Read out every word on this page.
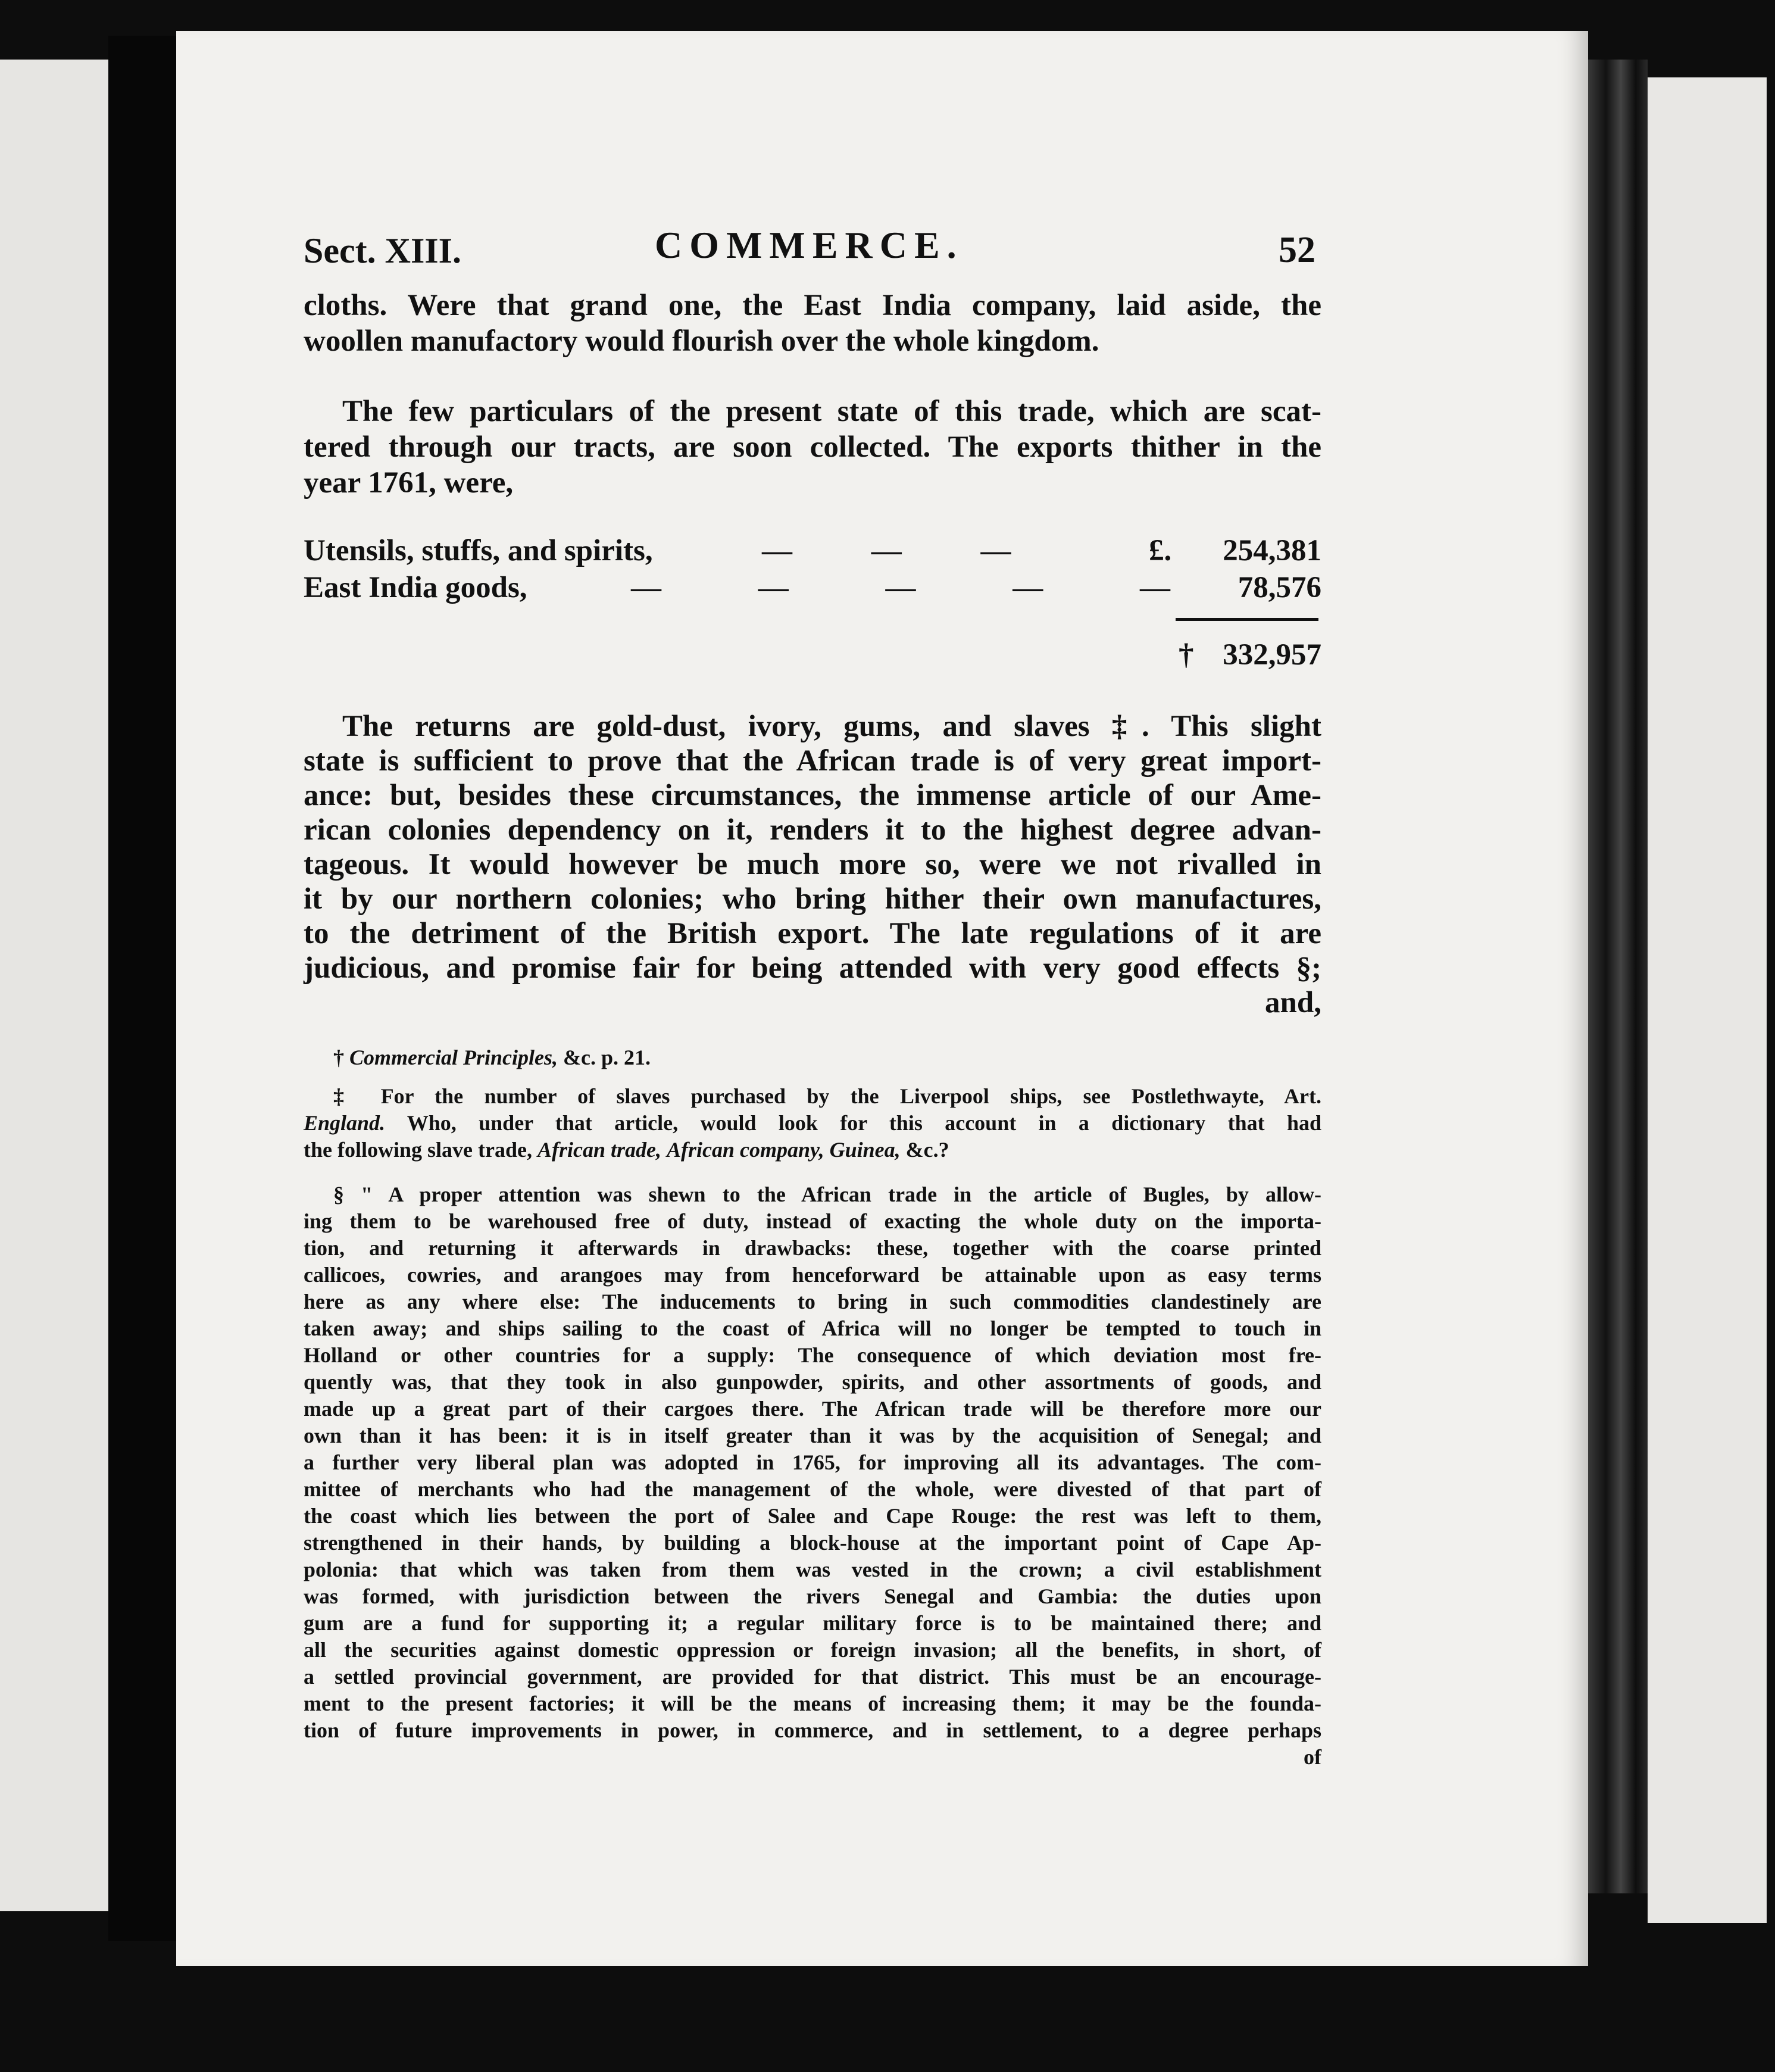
Sect. XIII.	COMMERCE.	52
cloths. Were that grand one, the East India company, laid aside, the
woollen manufactory would flourish over the whole kingdom.
The few particulars of the present state of this trade, which are scat-
tered through our tracts, are soon collected. The exports thither in the
year 1761, were,
Utensils, stuffs, and spirits,	— — —	£.	254,381
East India goods,	— — — — — 78,576
† 332,957
The returns are gold-dust, ivory, gums, and slaves ‡. This slight
state is sufficient to prove that the African trade is of very great import-
ance: but, besides these circumstances, the immense article of our Ame-
rican colonies dependency on it, renders it to the highest degree advan-
tageous. It would however be much more so, were we not rivalled in
it by our northern colonies; who bring hither their own manufactures,
to the detriment of the British export. The late regulations of it are
judicious, and promise fair for being attended with very good effects §;
and,
† Commercial Principles, &c. p. 21.
‡ For the number of slaves purchased by the Liverpool ships, see Postlethwayte, Art.
England. Who, under that article, would look for this account in a dictionary that had
the following slave trade, African trade, African company, Guinea, &c.?
§ " A proper attention was shewn to the African trade in the article of Bugles, by allow-
ing them to be warehoused free of duty, instead of exacting the whole duty on the importa-
tion, and returning it afterwards in drawbacks: these, together with the coarse printed
callicoes, cowries, and arangoes may from henceforward be attainable upon as easy terms
here as any where else: The inducements to bring in such commodities clandestinely are
taken away; and ships sailing to the coast of Africa will no longer be tempted to touch in
Holland or other countries for a supply: The consequence of which deviation most fre-
quently was, that they took in also gunpowder, spirits, and other assortments of goods, and
made up a great part of their cargoes there. The African trade will be therefore more our
own than it has been: it is in itself greater than it was by the acquisition of Senegal; and
a further very liberal plan was adopted in 1765, for improving all its advantages. The com-
mittee of merchants who had the management of the whole, were divested of that part of
the coast which lies between the port of Salee and Cape Rouge: the rest was left to them,
strengthened in their hands, by building a block-house at the important point of Cape Ap-
polonia: that which was taken from them was vested in the crown; a civil establishment
was formed, with jurisdiction between the rivers Senegal and Gambia: the duties upon
gum are a fund for supporting it; a regular military force is to be maintained there; and
all the securities against domestic oppression or foreign invasion; all the benefits, in short, of
a settled provincial government, are provided for that district. This must be an encourage-
ment to the present factories; it will be the means of increasing them; it may be the founda-
tion of future improvements in power, in commerce, and in settlement, to a degree perhaps
of
